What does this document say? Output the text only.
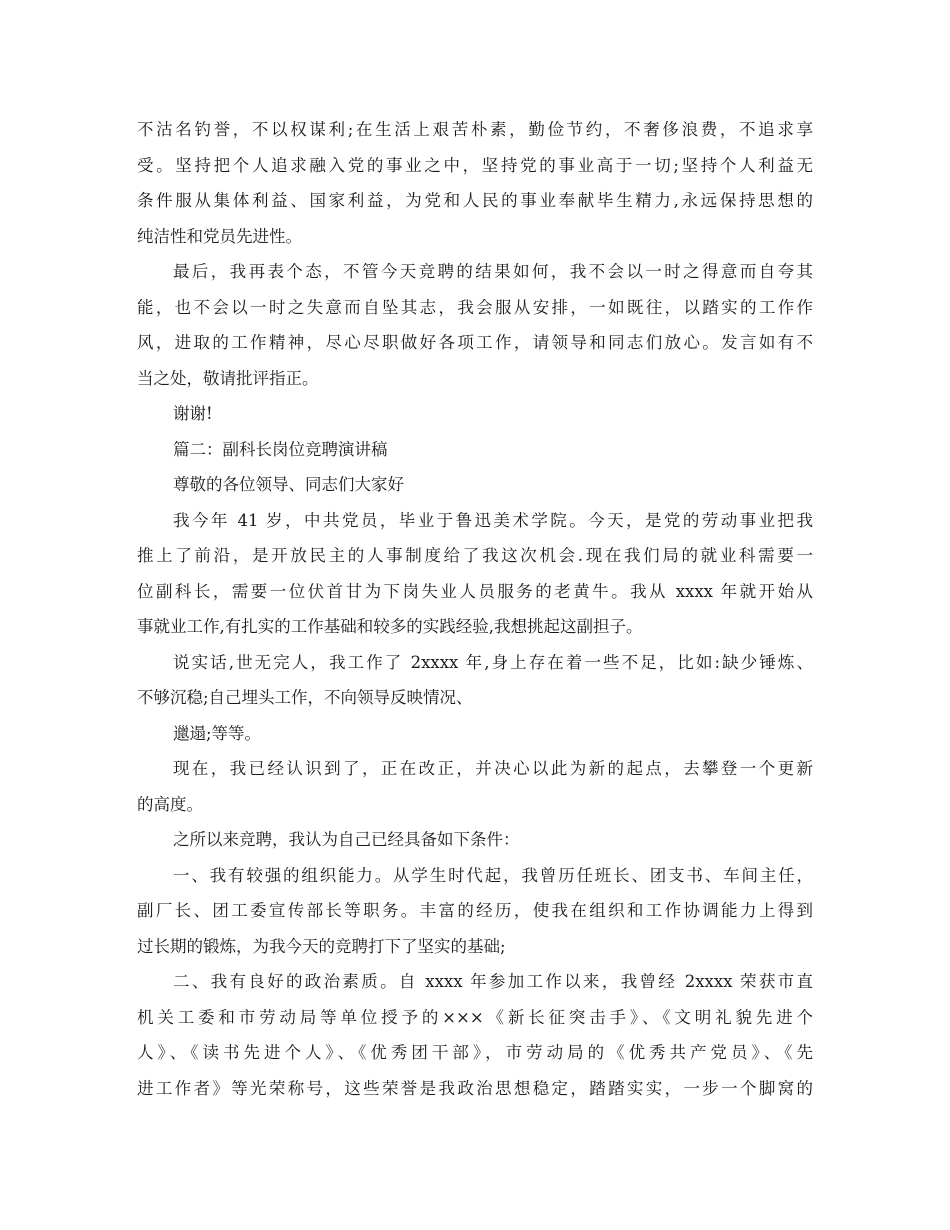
不沽名钓誉，不以权谋利;在生活上艰苦朴素，勤俭节约，不奢侈浪费，不追求享
受。坚持把个人追求融入党的事业之中，坚持党的事业高于一切;坚持个人利益无
条件服从集体利益、国家利益，为党和人民的事业奉献毕生精力,永远保持思想的
纯洁性和党员先进性。
最后，我再表个态，不管今天竞聘的结果如何，我不会以一时之得意而自夸其
能，也不会以一时之失意而自坠其志，我会服从安排，一如既往，以踏实的工作作
风，进取的工作精神，尽心尽职做好各项工作，请领导和同志们放心。发言如有不
当之处，敬请批评指正。
谢谢!
篇二：副科长岗位竞聘演讲稿
尊敬的各位领导、同志们大家好
我今年 41 岁，中共党员，毕业于鲁迅美术学院。今天，是党的劳动事业把我
推上了前沿，是开放民主的人事制度给了我这次机会.现在我们局的就业科需要一
位副科长，需要一位伏首甘为下岗失业人员服务的老黄牛。我从 xxxx 年就开始从
事就业工作,有扎实的工作基础和较多的实践经验,我想挑起这副担子。
说实话,世无完人，我工作了 2xxxx 年,身上存在着一些不足，比如:缺少锤炼、
不够沉稳;自己埋头工作，不向领导反映情况、
邋遢;等等。
现在，我已经认识到了，正在改正，并决心以此为新的起点，去攀登一个更新
的高度。
之所以来竞聘，我认为自己已经具备如下条件：
一、我有较强的组织能力。从学生时代起，我曾历任班长、团支书、车间主任，
副厂长、团工委宣传部长等职务。丰富的经历，使我在组织和工作协调能力上得到
过长期的锻炼，为我今天的竞聘打下了坚实的基础;
二、我有良好的政治素质。自 xxxx 年参加工作以来，我曾经 2xxxx 荣获市直
机关工委和市劳动局等单位授予的×××《新长征突击手》、《文明礼貌先进个
人》、《读书先进个人》、《优秀团干部》，市劳动局的《优秀共产党员》、《先
进工作者》等光荣称号，这些荣誉是我政治思想稳定，踏踏实实，一步一个脚窝的
